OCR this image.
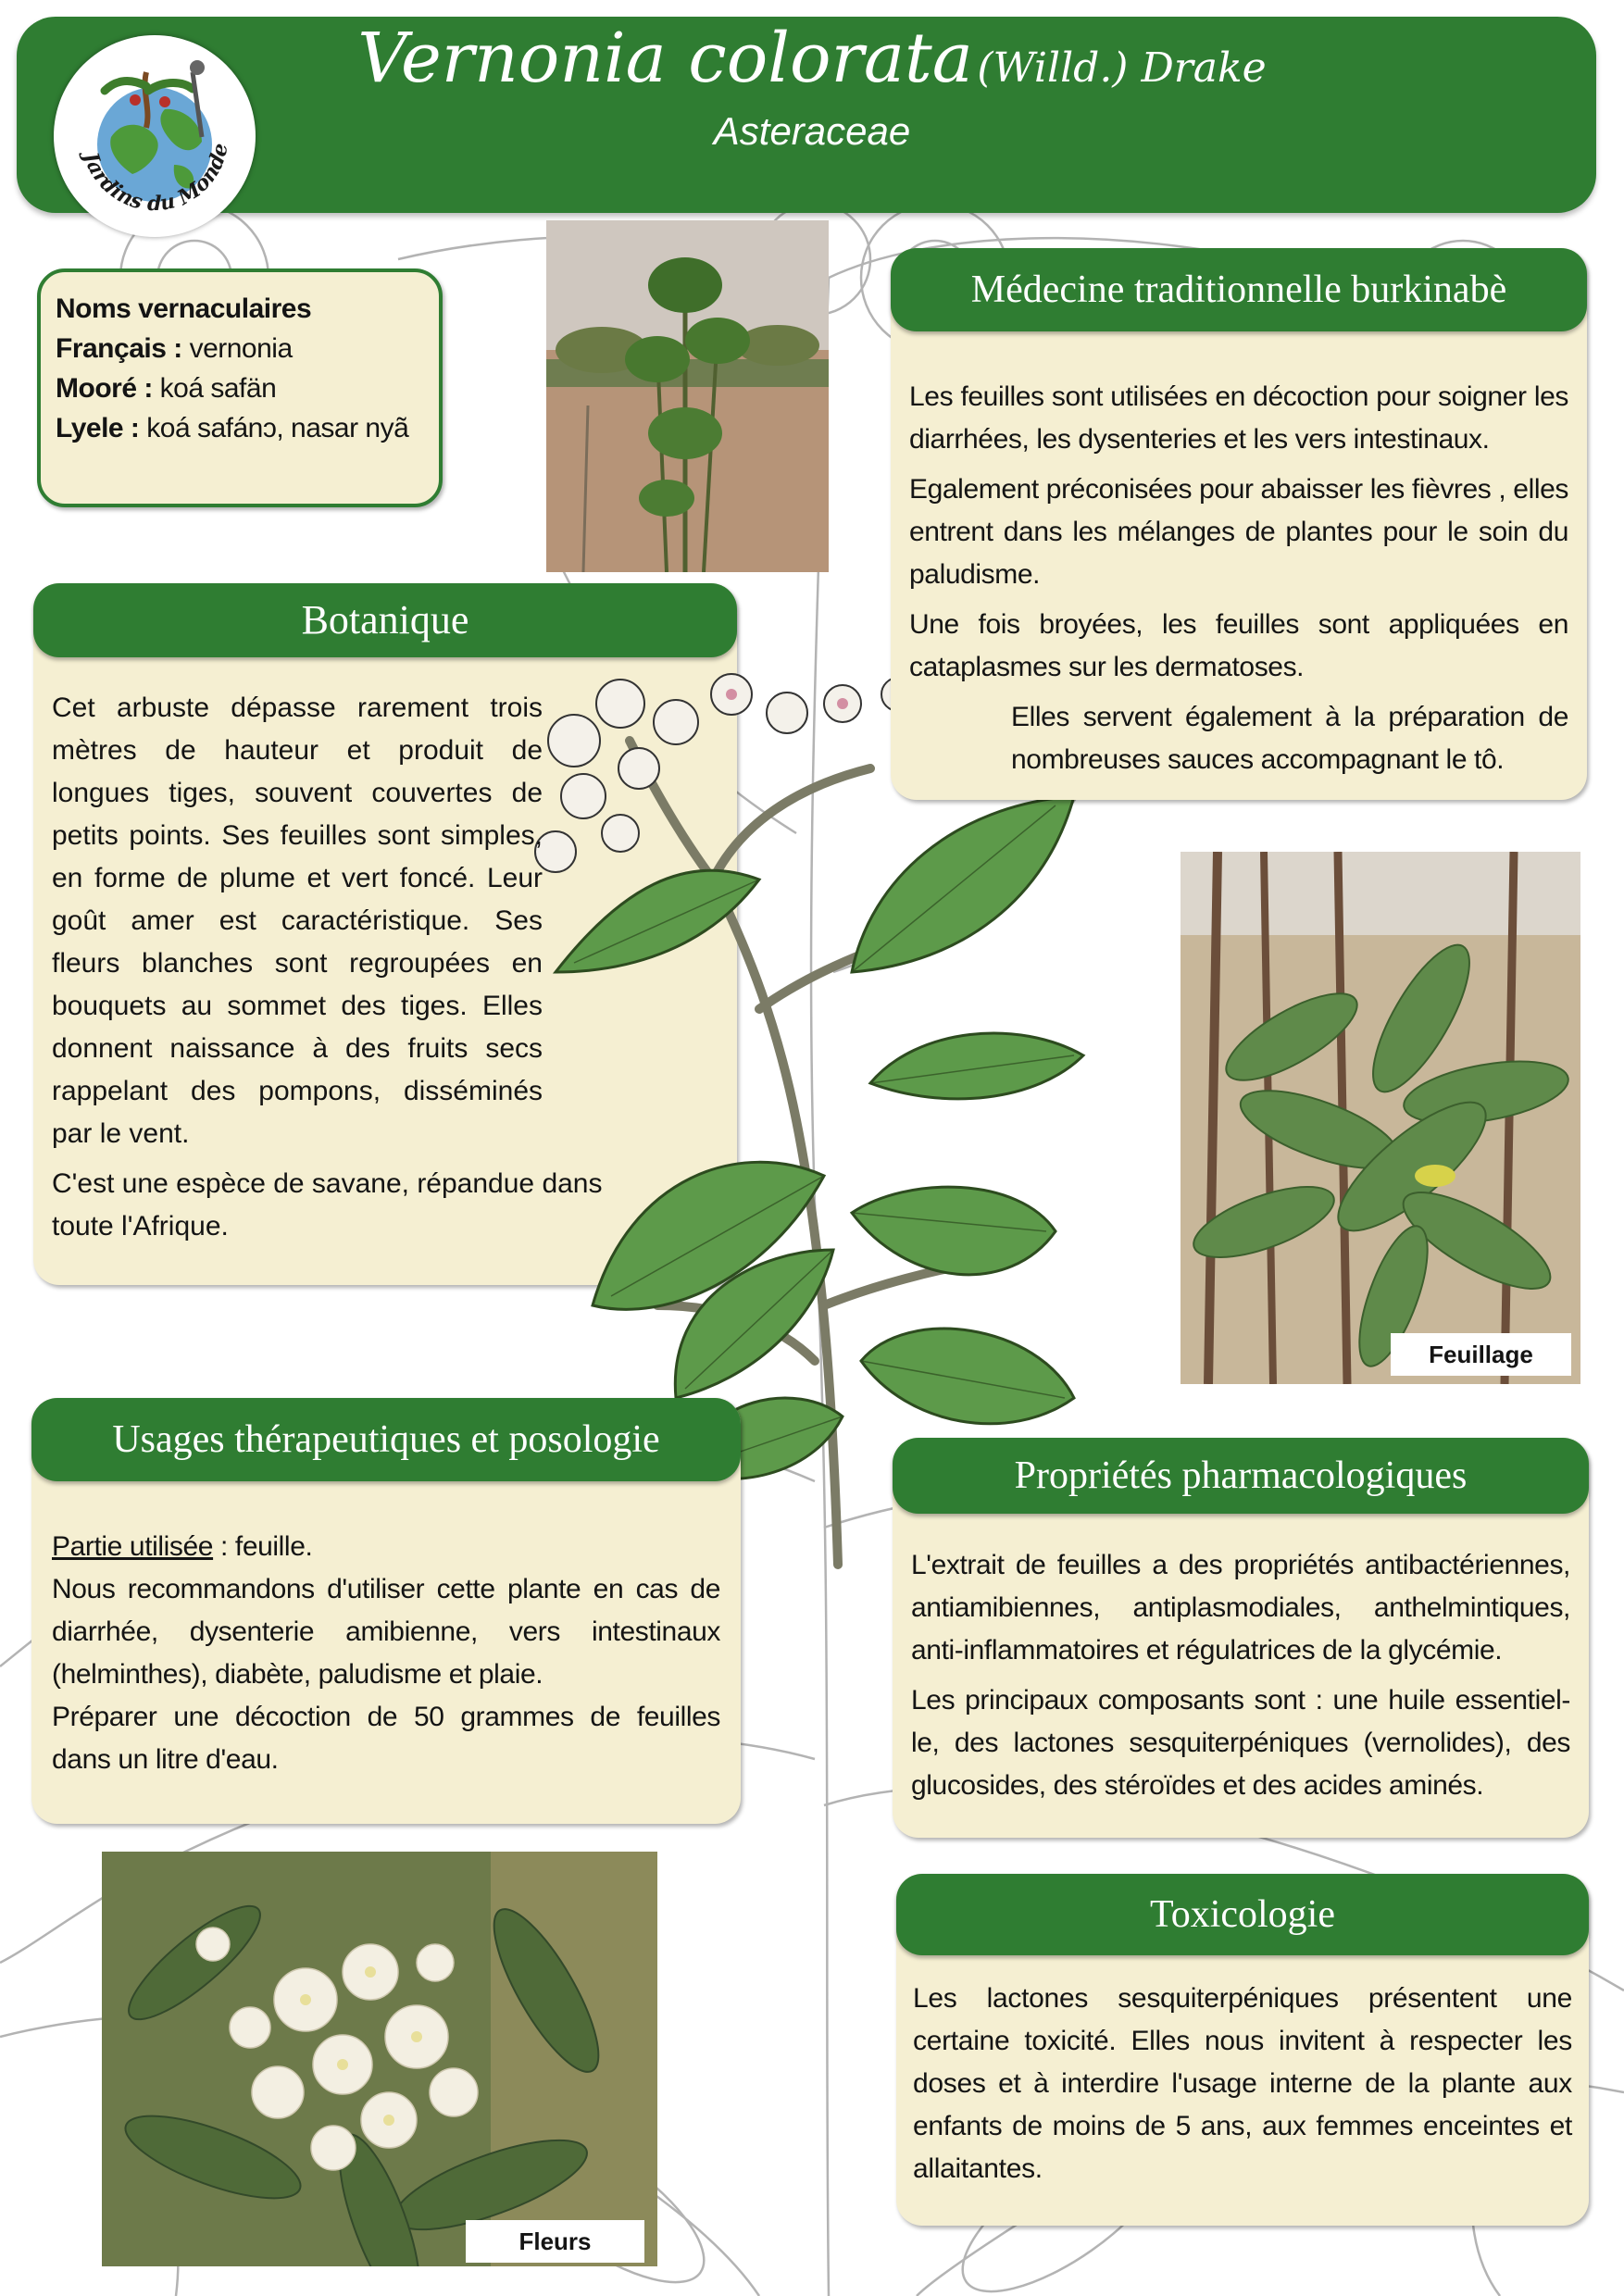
Vernonia colorata (Willd.) Drake
Asteraceae
Jardins du Monde
Noms vernaculaires
Français : vernonia
Mooré : koá safän
Lyele : koá safánɔ, nasar nyã
Botanique

Cet arbuste dépasse rarement trois mètres de hauteur et produit de longues tiges, souvent couvertes de petits points. Ses feuilles sont simples, en forme de plume et vert foncé. Leur goût amer est caractéristique. Ses fleurs blanches sont regroupées en bouquets au sommet des tiges. Elles donnent naissance à des fruits secs rappelant des pompons, disséminés par le vent.

C'est une espèce de savane, répandue dans toute l'Afrique.

Médecine traditionnelle burkinabè

Les feuilles sont utilisées en décoction pour soigner les diarrhées, les dysenteries et les vers intestinaux.

Egalement préconisées pour abaisser les fièvres , elles entrent dans les mélanges de plantes pour le soin du paludisme.

Une fois broyées, les feuilles sont appliquées en cataplasmes sur les dermatoses.

Elles servent également à la préparation de nombreuses sauces accompagnant le tô.

Feuillage
Usages thérapeutiques et posologie

Partie utilisée : feuille.

Nous recommandons d'utiliser cette plante en cas de diarrhée, dysenterie amibienne, vers intestinaux (helminthes), diabète, paludisme et plaie.

Préparer une décoction de 50 grammes de feuilles dans un litre d'eau.

Propriétés pharmacologiques

L'extrait de feuilles a des propriétés antibactériennes, antiamibiennes, antiplasmodiales, anthelmintiques, anti-inflammatoires et régulatrices de la glycémie.

Les principaux composants sont : une huile essentiel-le, des lactones sesquiterpéniques (vernolides), des glucosides, des stéroïdes et des acides aminés.

Toxicologie

Les lactones sesquiterpéniques présentent une certaine toxicité. Elles nous invitent à respecter les doses et à interdire l'usage interne de la plante aux enfants de moins de 5 ans, aux femmes enceintes et allaitantes.

Fleurs
